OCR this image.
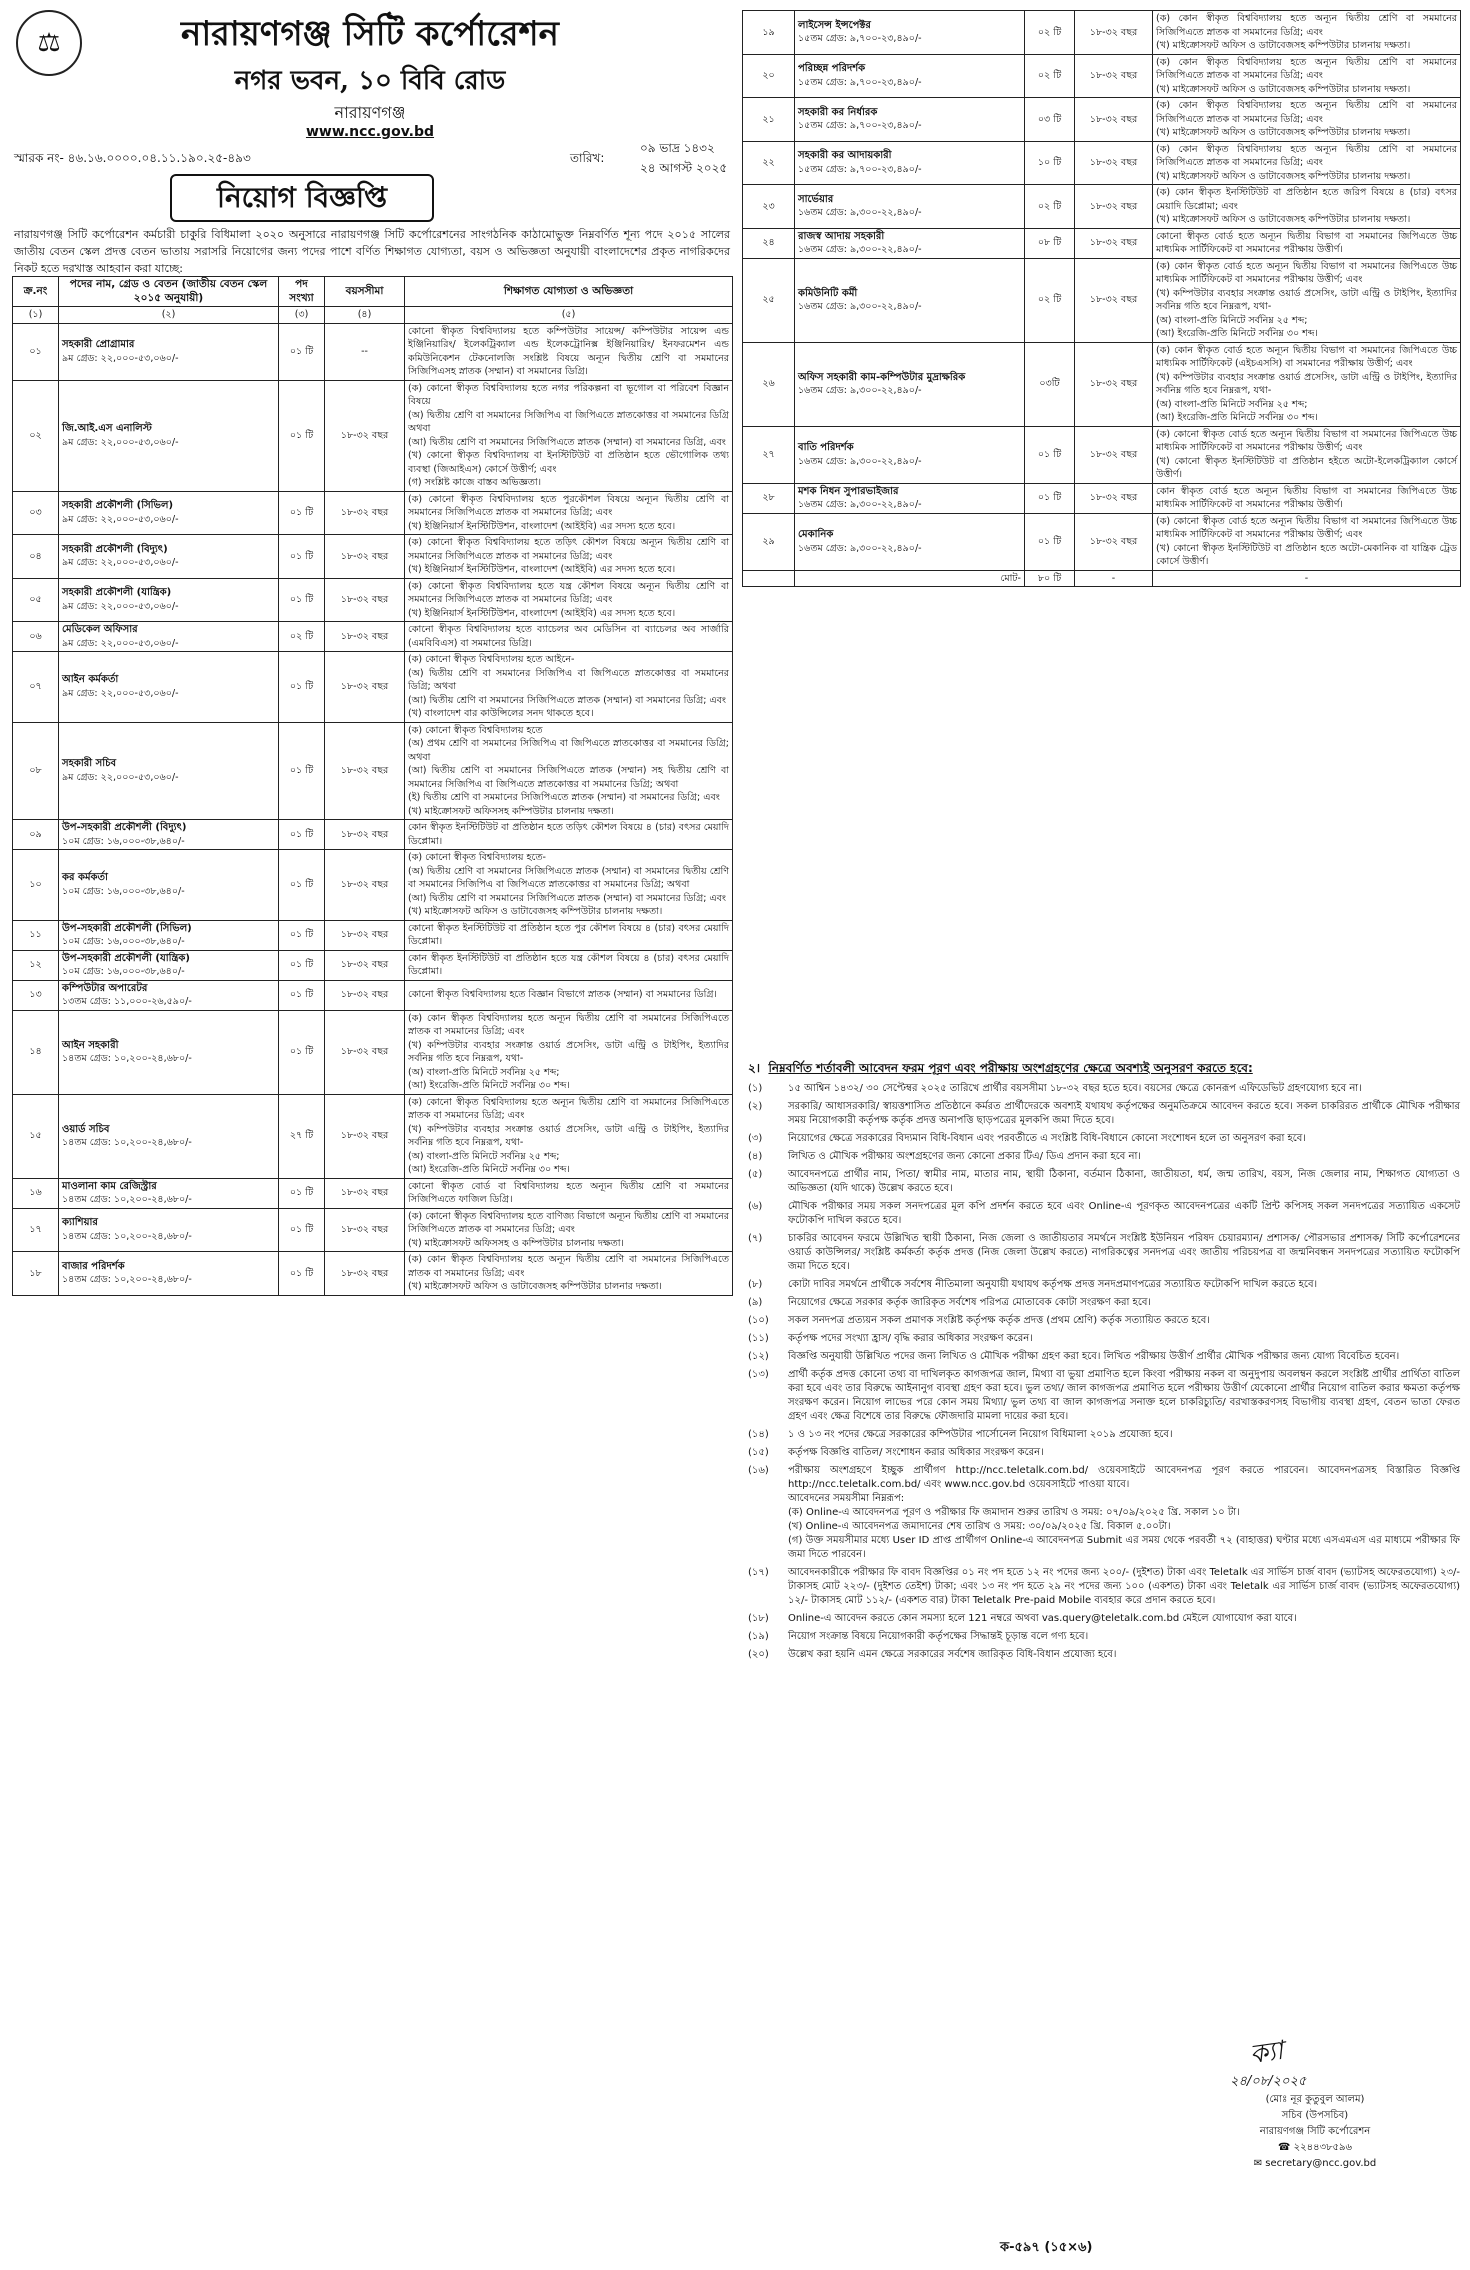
⚖	নারায়ণগঞ্জ সিটি কর্পোরেশন
নগর ভবন, ১০ বিবি রোড
নারায়ণগঞ্জ
www.ncc.gov.bd
স্মারক নং- ৪৬.১৬.০০০০.০৪.১১.১৯০.২৫-৪৯৩	তারিখ:
০৯ ভাদ্র ১৪৩২
২৪ আগস্ট ২০২৫
নিয়োগ বিজ্ঞপ্তি
নারায়ণগঞ্জ সিটি কর্পোরেশন কর্মচারী চাকুরি বিধিমালা ২০২০ অনুসারে নারায়ণগঞ্জ সিটি কর্পোরেশনের সাংগঠনিক কাঠামোভুক্ত নিম্নবর্ণিত শূন্য পদে ২০১৫ সালের জাতীয় বেতন স্কেল প্রদত্ত বেতন ভাতায় সরাসরি নিয়োগের জন্য পদের পাশে বর্ণিত শিক্ষাগত যোগ্যতা, বয়স ও অভিজ্ঞতা অনুযায়ী বাংলাদেশের প্রকৃত নাগরিকদের নিকট হতে দরখাস্ত আহবান করা যাচ্ছে:
ক্র.নং	পদের নাম, গ্রেড ও বেতন (জাতীয় বেতন স্কেল ২০১৫ অনুযায়ী)	পদ সংখ্যা	বয়সসীমা	শিক্ষাগত যোগ্যতা ও অভিজ্ঞতা
(১)	(২)	(৩)	(৪)	(৫)
০১	সহকারী প্রোগ্রামার
৯ম গ্রেড: ২২,০০০-৫৩,০৬০/-	০১ টি	--	কোনো স্বীকৃত বিশ্ববিদ্যালয় হতে কম্পিউটার সায়েন্স/ কম্পিউটার সায়েন্স এন্ড ইঞ্জিনিয়ারিং/ ইলেকট্রিক্যাল এন্ড ইলেকট্রোনিক্স ইঞ্জিনিয়ারিং/ ইনফরমেশন এন্ড কমিউনিকেশন টেকনোলজি সংশ্লিষ্ট বিষয়ে অন্যূন দ্বিতীয় শ্রেণি বা সমমানের সিজিপিএসহ স্নাতক (সম্মান) বা সমমানের ডিগ্রি।
০২	জি.আই.এস এনালিস্ট
৯ম গ্রেড: ২২,০০০-৫৩,০৬০/-	০১ টি	১৮-৩২ বছর	(ক) কোনো স্বীকৃত বিশ্ববিদ্যালয় হতে নগর পরিকল্পনা বা ভূগোল বা পরিবেশ বিজ্ঞান বিষয়ে
(অ) দ্বিতীয় শ্রেণি বা সমমানের সিজিপিএ বা জিপিএতে স্নাতকোত্তর বা সমমানের ডিগ্রি অথবা
(আ) দ্বিতীয় শ্রেণি বা সমমানের সিজিপিএতে স্নাতক (সম্মান) বা সমমানের ডিগ্রি, এবং
(খ) কোনো স্বীকৃত বিশ্ববিদ্যালয় বা ইনস্টিটিউট বা প্রতিষ্ঠান হতে ভৌগোলিক তথ্য ব্যবস্থা (জিআইএস) কোর্সে উত্তীর্ণ; এবং
(গ) সংশ্লিষ্ট কাজে বাস্তব অভিজ্ঞতা।
০৩	সহকারী প্রকৌশলী (সিভিল)
৯ম গ্রেড: ২২,০০০-৫৩,০৬০/-	০১ টি	১৮-৩২ বছর	(ক) কোনো স্বীকৃত বিশ্ববিদ্যালয় হতে পুরকৌশল বিষয়ে অন্যূন দ্বিতীয় শ্রেণি বা সমমানের সিজিপিএতে স্নাতক বা সমমানের ডিগ্রি; এবং
(খ) ইঞ্জিনিয়ার্স ইনস্টিটিউশন, বাংলাদেশ (আইইবি) এর সদস্য হতে হবে।
০৪	সহকারী প্রকৌশলী (বিদ্যুৎ)
৯ম গ্রেড: ২২,০০০-৫৩,০৬০/-	০১ টি	১৮-৩২ বছর	(ক) কোনো স্বীকৃত বিশ্ববিদ্যালয় হতে তড়িৎ কৌশল বিষয়ে অন্যূন দ্বিতীয় শ্রেণি বা সমমানের সিজিপিএতে স্নাতক বা সমমানের ডিগ্রি; এবং
(খ) ইঞ্জিনিয়ার্স ইনস্টিটিউশন, বাংলাদেশ (আইইবি) এর সদস্য হতে হবে।
০৫	সহকারী প্রকৌশলী (যান্ত্রিক)
৯ম গ্রেড: ২২,০০০-৫৩,০৬০/-	০১ টি	১৮-৩২ বছর	(ক) কোনো স্বীকৃত বিশ্ববিদ্যালয় হতে যন্ত্র কৌশল বিষয়ে অন্যূন দ্বিতীয় শ্রেণি বা সমমানের সিজিপিএতে স্নাতক বা সমমানের ডিগ্রি; এবং
(খ) ইঞ্জিনিয়ার্স ইনস্টিটিউশন, বাংলাদেশ (আইইবি) এর সদস্য হতে হবে।
০৬	মেডিকেল অফিসার
৯ম গ্রেড: ২২,০০০-৫৩,০৬০/-	০২ টি	১৮-৩২ বছর	কোনো স্বীকৃত বিশ্ববিদ্যালয় হতে ব্যাচেলর অব মেডিসিন বা ব্যাচেলর অব সার্জারি (এমবিবিএস) বা সমমানের ডিগ্রি।
০৭	আইন কর্মকর্তা
৯ম গ্রেড: ২২,০০০-৫৩,০৬০/-	০১ টি	১৮-৩২ বছর	(ক) কোনো স্বীকৃত বিশ্ববিদ্যালয় হতে আইনে-
(অ) দ্বিতীয় শ্রেণি বা সমমানের সিজিপিএ বা জিপিএতে স্নাতকোত্তর বা সমমানের ডিগ্রি; অথবা
(আ) দ্বিতীয় শ্রেণি বা সমমানের সিজিপিএতে স্নাতক (সম্মান) বা সমমানের ডিগ্রি; এবং
(খ) বাংলাদেশ বার কাউন্সিলের সনদ থাকতে হবে।
০৮	সহকারী সচিব
৯ম গ্রেড: ২২,০০০-৫৩,০৬০/-	০১ টি	১৮-৩২ বছর	(ক) কোনো স্বীকৃত বিশ্ববিদ্যালয় হতে
(অ) প্রথম শ্রেণি বা সমমানের সিজিপিএ বা জিপিএতে স্নাতকোত্তর বা সমমানের ডিগ্রি; অথবা
(আ) দ্বিতীয় শ্রেণি বা সমমানের সিজিপিএতে স্নাতক (সম্মান) সহ দ্বিতীয় শ্রেণি বা সমমানের সিজিপিএ বা জিপিএতে স্নাতকোত্তর বা সমমানের ডিগ্রি; অথবা
(ই) দ্বিতীয় শ্রেণি বা সমমানের সিজিপিএতে স্নাতক (সম্মান) বা সমমানের ডিগ্রি; এবং
(খ) মাইক্রোসফট অফিসসহ কম্পিউটার চালনায় দক্ষতা।
০৯	উপ-সহকারী প্রকৌশলী (বিদ্যুৎ)
১০ম গ্রেড: ১৬,০০০-৩৮,৬৪০/-	০১ টি	১৮-৩২ বছর	কোন স্বীকৃত ইনস্টিটিউট বা প্রতিষ্ঠান হতে তড়িৎ কৌশল বিষয়ে ৪ (চার) বৎসর মেয়াদি ডিপ্লোমা।
১০	কর কর্মকর্তা
১০ম গ্রেড: ১৬,০০০-৩৮,৬৪০/-	০১ টি	১৮-৩২ বছর	(ক) কোনো স্বীকৃত বিশ্ববিদ্যালয় হতে-
(অ) দ্বিতীয় শ্রেণি বা সমমানের সিজিপিএতে স্নাতক (সম্মান) বা সমমানের দ্বিতীয় শ্রেণি বা সমমানের সিজিপিএ বা জিপিএতে স্নাতকোত্তর বা সমমানের ডিগ্রি; অথবা
(আ) দ্বিতীয় শ্রেণি বা সমমানের সিজিপিএতে স্নাতক (সম্মান) বা সমমানের ডিগ্রি; এবং
(খ) মাইক্রোসফট অফিস ও ডাটাবেজসহ কম্পিউটার চালনায় দক্ষতা।
১১	উপ-সহকারী প্রকৌশলী (সিভিল)
১০ম গ্রেড: ১৬,০০০-৩৮,৬৪০/-	০১ টি	১৮-৩২ বছর	কোনো স্বীকৃত ইনস্টিটিউট বা প্রতিষ্ঠান হতে পুর কৌশল বিষয়ে ৪ (চার) বৎসর মেয়াদি ডিপ্লোমা।
১২	উপ-সহকারী প্রকৌশলী (যান্ত্রিক)
১০ম গ্রেড: ১৬,০০০-৩৮,৬৪০/-	০১ টি	১৮-৩২ বছর	কোন স্বীকৃত ইনস্টিটিউট বা প্রতিষ্ঠান হতে যন্ত্র কৌশল বিষয়ে ৪ (চার) বৎসর মেয়াদি ডিপ্লোমা।
১৩	কম্পিউটার অপারেটর
১৩তম গ্রেড: ১১,০০০-২৬,৫৯০/-	০১ টি	১৮-৩২ বছর	কোনো স্বীকৃত বিশ্ববিদ্যালয় হতে বিজ্ঞান বিভাগে স্নাতক (সম্মান) বা সমমানের ডিগ্রি।
১৪	আইন সহকারী
১৪তম গ্রেড: ১০,২০০-২৪,৬৮০/-	০১ টি	১৮-৩২ বছর	(ক) কোন স্বীকৃত বিশ্ববিদ্যালয় হতে অন্যূন দ্বিতীয় শ্রেণি বা সমমানের সিজিপিএতে স্নাতক বা সমমানের ডিগ্রি; এবং
(খ) কম্পিউটার ব্যবহার সংক্রান্ত ওয়ার্ড প্রসেসিং, ডাটা এন্ট্রি ও টাইপিং, ইত্যাদির সর্বনিম্ন গতি হবে নিম্নরূপ, যথা-
(অ) বাংলা-প্রতি মিনিটে সর্বনিম্ন ২৫ শব্দ;
(আ) ইংরেজি-প্রতি মিনিটে সর্বনিম্ন ৩০ শব্দ।
১৫	ওয়ার্ড সচিব
১৪তম গ্রেড: ১০,২০০-২৪,৬৮০/-	২৭ টি	১৮-৩২ বছর	(ক) কোনো স্বীকৃত বিশ্ববিদ্যালয় হতে অন্যূন দ্বিতীয় শ্রেণি বা সমমানের সিজিপিএতে স্নাতক বা সমমানের ডিগ্রি; এবং
(খ) কম্পিউটার ব্যবহার সংক্রান্ত ওয়ার্ড প্রসেসিং, ডাটা এন্ট্রি ও টাইপিং, ইত্যাদির সর্বনিম্ন গতি হবে নিম্নরূপ, যথা-
(অ) বাংলা-প্রতি মিনিটে সর্বনিম্ন ২৫ শব্দ;
(আ) ইংরেজি-প্রতি মিনিটে সর্বনিম্ন ৩০ শব্দ।
১৬	মাওলানা কাম রেজিস্ট্রার
১৪তম গ্রেড: ১০,২০০-২৪,৬৮০/-	০১ টি	১৮-৩২ বছর	কোনো স্বীকৃত বোর্ড বা বিশ্ববিদ্যালয় হতে অন্যূন দ্বিতীয় শ্রেণি বা সমমানের সিজিপিএতে ফাজিল ডিগ্রি।
১৭	ক্যাশিয়ার
১৪তম গ্রেড: ১০,২০০-২৪,৬৮০/-	০১ টি	১৮-৩২ বছর	(ক) কোনো স্বীকৃত বিশ্ববিদ্যালয় হতে বাণিজ্য বিভাগে অন্যূন দ্বিতীয় শ্রেণি বা সমমানের সিজিপিএতে স্নাতক বা সমমানের ডিগ্রি; এবং
(খ) মাইক্রোসফট অফিসসহ ও কম্পিউটার চালনায় দক্ষতা।
১৮	বাজার পরিদর্শক
১৪তম গ্রেড: ১০,২০০-২৪,৬৮০/-	০১ টি	১৮-৩২ বছর	(ক) কোন স্বীকৃত বিশ্ববিদ্যালয় হতে অন্যূন দ্বিতীয় শ্রেণি বা সমমানের সিজিপিএতে স্নাতক বা সমমানের ডিগ্রি; এবং
(খ) মাইক্রোসফট অফিস ও ডাটাবেজসহ কম্পিউটার চালনার দক্ষতা।
১৯	লাইসেন্স ইন্সপেক্টর
১৫তম গ্রেড: ৯,৭০০-২৩,৪৯০/-	০২ টি	১৮-৩২ বছর	(ক) কোন স্বীকৃত বিশ্ববিদ্যালয় হতে অন্যূন দ্বিতীয় শ্রেণি বা সমমানের সিজিপিএতে স্নাতক বা সমমানের ডিগ্রি; এবং
(খ) মাইক্রোসফট অফিস ও ডাটাবেজসহ কম্পিউটার চালনায় দক্ষতা।
২০	পরিচ্ছন্ন পরিদর্শক
১৫তম গ্রেড: ৯,৭০০-২৩,৪৯০/-	০২ টি	১৮-৩২ বছর	(ক) কোন স্বীকৃত বিশ্ববিদ্যালয় হতে অন্যূন দ্বিতীয় শ্রেণি বা সমমানের সিজিপিএতে স্নাতক বা সমমানের ডিগ্রি; এবং
(খ) মাইক্রোসফট অফিস ও ডাটাবেজসহ কম্পিউটার চালনায় দক্ষতা।
২১	সহকারী কর নির্ধারক
১৫তম গ্রেড: ৯,৭০০-২৩,৪৯০/-	০৩ টি	১৮-৩২ বছর	(ক) কোন স্বীকৃত বিশ্ববিদ্যালয় হতে অন্যূন দ্বিতীয় শ্রেণি বা সমমানের সিজিপিএতে স্নাতক বা সমমানের ডিগ্রি; এবং
(খ) মাইক্রোসফট অফিস ও ডাটাবেজসহ কম্পিউটার চালনায় দক্ষতা।
২২	সহকারী কর আদায়কারী
১৫তম গ্রেড: ৯,৭০০-২৩,৪৯০/-	১০ টি	১৮-৩২ বছর	(ক) কোন স্বীকৃত বিশ্ববিদ্যালয় হতে অন্যূন দ্বিতীয় শ্রেণি বা সমমানের সিজিপিএতে স্নাতক বা সমমানের ডিগ্রি; এবং
(খ) মাইক্রোসফট অফিস ও ডাটাবেজসহ কম্পিউটার চালনায় দক্ষতা।
২৩	সার্ভেয়ার
১৬তম গ্রেড: ৯,৩০০-২২,৪৯০/-	০২ টি	১৮-৩২ বছর	(ক) কোন স্বীকৃত ইনস্টিটিউট বা প্রতিষ্ঠান হতে জরিপ বিষয়ে ৪ (চার) বৎসর মেয়াদি ডিপ্লোমা; এবং
(খ) মাইক্রোসফট অফিস ও ডাটাবেজসহ কম্পিউটার চালনায় দক্ষতা।
২৪	রাজস্ব আদায় সহকারী
১৬তম গ্রেড: ৯,৩০০-২২,৪৯০/-	০৮ টি	১৮-৩২ বছর	কোনো স্বীকৃত বোর্ড হতে অন্যূন দ্বিতীয় বিভাগ বা সমমানের জিপিএতে উচ্চ মাধ্যমিক সার্টিফিকেট বা সমমানের পরীক্ষায় উত্তীর্ণ।
২৫	কমিউনিটি কর্মী
১৬তম গ্রেড: ৯,৩০০-২২,৪৯০/-	০২ টি	১৮-৩২ বছর	(ক) কোন স্বীকৃত বোর্ড হতে অন্যূন দ্বিতীয় বিভাগ বা সমমানের জিপিএতে উচ্চ মাধ্যমিক সার্টিফিকেট বা সমমানের পরীক্ষায় উত্তীর্ণ; এবং
(খ) কম্পিউটার ব্যবহার সংক্রান্ত ওয়ার্ড প্রসেসিং, ডাটা এন্ট্রি ও টাইপিং, ইত্যাদির সর্বনিম্ন গতি হবে নিম্নরূপ, যথা-
(অ) বাংলা-প্রতি মিনিটে সর্বনিম্ন ২৫ শব্দ;
(আ) ইংরেজি-প্রতি মিনিটে সর্বনিম্ন ৩০ শব্দ।
২৬	অফিস সহকারী কাম-কম্পিউটার মুদ্রাক্ষরিক
১৬তম গ্রেড: ৯,৩০০-২২,৪৯০/-	০৩টি	১৮-৩২ বছর	(ক) কোন স্বীকৃত বোর্ড হতে অন্যূন দ্বিতীয় বিভাগ বা সমমানের জিপিএতে উচ্চ মাধ্যমিক সার্টিফিকেট (এইচএসসি) বা সমমানের পরীক্ষায় উত্তীর্ণ; এবং
(খ) কম্পিউটার ব্যবহার সংক্রান্ত ওয়ার্ড প্রসেসিং, ডাটা এন্ট্রি ও টাইপিং, ইত্যাদির সর্বনিম্ন গতি হবে নিম্নরূপ, যথা-
(অ) বাংলা-প্রতি মিনিটে সর্বনিম্ন ২৫ শব্দ;
(আ) ইংরেজি-প্রতি মিনিটে সর্বনিম্ন ৩০ শব্দ।
২৭	বাতি পরিদর্শক
১৬তম গ্রেড: ৯,৩০০-২২,৪৯০/-	০১ টি	১৮-৩২ বছর	(ক) কোনো স্বীকৃত বোর্ড হতে অন্যূন দ্বিতীয় বিভাগ বা সমমানের জিপিএতে উচ্চ মাধ্যমিক সার্টিফিকেট বা সমমানের পরীক্ষায় উত্তীর্ণ; এবং
(খ) কোনো স্বীকৃত ইনস্টিটিউট বা প্রতিষ্ঠান হইতে অটো-ইলেকট্রিক্যাল কোর্সে উত্তীর্ণ।
২৮	মশক নিধন সুপারভাইজার
১৬তম গ্রেড: ৯,৩০০-২২,৪৯০/-	০১ টি	১৮-৩২ বছর	কোন স্বীকৃত বোর্ড হতে অন্যূন দ্বিতীয় বিভাগ বা সমমানের জিপিএতে উচ্চ মাধ্যমিক সার্টিফিকেট বা সমমানের পরীক্ষায় উত্তীর্ণ।
২৯	মেকানিক
১৬তম গ্রেড: ৯,৩০০-২২,৪৯০/-	০১ টি	১৮-৩২ বছর	(ক) কোনো স্বীকৃত বোর্ড হতে অন্যূন দ্বিতীয় বিভাগ বা সমমানের জিপিএতে উচ্চ মাধ্যমিক সার্টিফিকেট বা সমমানের পরীক্ষায় উত্তীর্ণ; এবং
(খ) কোনো স্বীকৃত ইনস্টিটিউট বা প্রতিষ্ঠান হতে অটো-মেকানিক বা যান্ত্রিক ট্রেড কোর্সে উত্তীর্ণ।
	মোট-	৮০ টি	-	-
২। নিম্নবর্ণিত শর্তাবলী আবেদন ফরম পূরণ এবং পরীক্ষায় অংশগ্রহণের ক্ষেত্রে অবশ্যই অনুসরণ করতে হবে:
(১)	১৫ আশ্বিন ১৪৩২/ ৩০ সেপ্টেম্বর ২০২৫ তারিখে প্রার্থীর বয়সসীমা ১৮-৩২ বছর হতে হবে। বয়সের ক্ষেত্রে কোনরূপ এফিডেভিট গ্রহণযোগ্য হবে না।
(২)	সরকারি/ আধাসরকারি/ স্বায়ত্তশাসিত প্রতিষ্ঠানে কর্মরত প্রার্থীদেরকে অবশ্যই যথাযথ কর্তৃপক্ষের অনুমতিক্রমে আবেদন করতে হবে। সকল চাকরিরত প্রার্থীকে মৌখিক পরীক্ষার সময় নিয়োগকারী কর্তৃপক্ষ কর্তৃক প্রদত্ত অনাপত্তি ছাড়পত্রের মূলকপি জমা দিতে হবে।
(৩)	নিয়োগের ক্ষেত্রে সরকারের বিদ্যমান বিধি-বিধান এবং পরবর্তীতে এ সংশ্লিষ্ট বিধি-বিধানে কোনো সংশোধন হলে তা অনুসরণ করা হবে।
(৪)	লিখিত ও মৌখিক পরীক্ষায় অংশগ্রহণের জন্য কোনো প্রকার টিএ/ ডিএ প্রদান করা হবে না।
(৫)	আবেদনপত্রে প্রার্থীর নাম, পিতা/ স্বামীর নাম, মাতার নাম, স্থায়ী ঠিকানা, বর্তমান ঠিকানা, জাতীয়তা, ধর্ম, জন্ম তারিখ, বয়স, নিজ জেলার নাম, শিক্ষাগত যোগ্যতা ও অভিজ্ঞতা (যদি থাকে) উল্লেখ করতে হবে।
(৬)	মৌখিক পরীক্ষার সময় সকল সনদপত্রের মূল কপি প্রদর্শন করতে হবে এবং Online-এ পূরণকৃত আবেদনপত্রের একটি প্রিন্ট কপিসহ সকল সনদপত্রের সত্যায়িত একসেট ফটোকপি দাখিল করতে হবে।
(৭)	চাকরির আবেদন ফরমে উল্লিখিত স্থায়ী ঠিকানা, নিজ জেলা ও জাতীয়তার সমর্থনে সংশ্লিষ্ট ইউনিয়ন পরিষদ চেয়ারম্যান/ প্রশাসক/ পৌরসভার প্রশাসক/ সিটি কর্পোরেশনের ওয়ার্ড কাউন্সিলর/ সংশ্লিষ্ট কর্মকর্তা কর্তৃক প্রদত্ত (নিজ জেলা উল্লেখ করতে) নাগরিকত্বের সনদপত্র এবং জাতীয় পরিচয়পত্র বা জন্মনিবন্ধন সনদপত্রের সত্যায়িত ফটোকপি জমা দিতে হবে।
(৮)	কোটা দাবির সমর্থনে প্রার্থীকে সর্বশেষ নীতিমালা অনুযায়ী যথাযথ কর্তৃপক্ষ প্রদত্ত সনদপ্রমাণপত্রের সত্যায়িত ফটোকপি দাখিল করতে হবে।
(৯)	নিয়োগের ক্ষেত্রে সরকার কর্তৃক জারিকৃত সর্বশেষ পরিপত্র মোতাবেক কোটা সংরক্ষণ করা হবে।
(১০)	সকল সনদপত্র প্রত্যয়ন সকল প্রমাণক সংশ্লিষ্ট কর্তৃপক্ষ কর্তৃক প্রদত্ত (প্রথম শ্রেণি) কর্তৃক সত্যায়িত করতে হবে।
(১১)	কর্তৃপক্ষ পদের সংখ্যা হ্রাস/ বৃদ্ধি করার অধিকার সংরক্ষণ করেন।
(১২)	বিজ্ঞপ্তি অনুযায়ী উল্লিখিত পদের জন্য লিখিত ও মৌখিক পরীক্ষা গ্রহণ করা হবে। লিখিত পরীক্ষায় উত্তীর্ণ প্রার্থীর মৌখিক পরীক্ষার জন্য যোগ্য বিবেচিত হবেন।
(১৩)	প্রার্থী কর্তৃক প্রদত্ত কোনো তথ্য বা দাখিলকৃত কাগজপত্র জাল, মিথ্যা বা ভুয়া প্রমাণিত হলে কিংবা পরীক্ষায় নকল বা অনুদুপায় অবলম্বন করলে সংশ্লিষ্ট প্রার্থীর প্রার্থিতা বাতিল করা হবে এবং তার বিরুদ্ধে আইনানুগ ব্যবস্থা গ্রহণ করা হবে। ভুল তথ্য/ জাল কাগজপত্র প্রমাণিত হলে পরীক্ষায় উত্তীর্ণ যেকোনো প্রার্থীর নিয়োগ বাতিল করার ক্ষমতা কর্তৃপক্ষ সংরক্ষণ করেন। নিয়োগ লাভের পরে কোন সময় মিথ্যা/ ভুল তথ্য বা জাল কাগজপত্র সনাক্ত হলে চাকরিচ্যুতি/ বরখাস্তকরণসহ বিভাগীয় ব্যবস্থা গ্রহণ, বেতন ভাতা ফেরত গ্রহণ এবং ক্ষেত্র বিশেষে তার বিরুদ্ধে ফৌজদারি মামলা দায়ের করা হবে।
(১৪)	১ ও ১৩ নং পদের ক্ষেত্রে সরকারের কম্পিউটার পার্সোনেল নিয়োগ বিধিমালা ২০১৯ প্রযোজ্য হবে।
(১৫)	কর্তৃপক্ষ বিজ্ঞপ্তি বাতিল/ সংশোধন করার অধিকার সংরক্ষণ করেন।
(১৬)	পরীক্ষায় অংশগ্রহণে ইচ্ছুক প্রার্থীগণ http://ncc.teletalk.com.bd/ ওয়েবসাইটে আবেদনপত্র পূরণ করতে পারবেন। আবেদনপত্রসহ বিস্তারিত বিজ্ঞপ্তি http://ncc.teletalk.com.bd/ এবং www.ncc.gov.bd ওয়েবসাইটে পাওয়া যাবে।
আবেদনের সময়সীমা নিম্নরূপ:
(ক) Online-এ আবেদনপত্র পূরণ ও পরীক্ষার ফি জমাদান শুরুর তারিখ ও সময়: ০৭/০৯/২০২৫ খ্রি. সকাল ১০ টা।
(খ) Online-এ আবেদনপত্র জমাদানের শেষ তারিখ ও সময়: ৩০/০৯/২০২৫ খ্রি. বিকাল ৫.০০টা।
(গ) উক্ত সময়সীমার মধ্যে User ID প্রাপ্ত প্রার্থীগণ Online-এ আবেদনপত্র Submit এর সময় থেকে পরবর্তী ৭২ (বাহাত্তর) ঘণ্টার মধ্যে এসএমএস এর মাধ্যমে পরীক্ষার ফি জমা দিতে পারবেন।
(১৭)	আবেদনকারীকে পরীক্ষার ফি বাবদ বিজ্ঞপ্তির ০১ নং পদ হতে ১২ নং পদের জন্য ২০০/- (দুইশত) টাকা এবং Teletalk এর সার্ভিস চার্জ বাবদ (ভ্যাটসহ অফেরতযোগ্য) ২৩/- টাকাসহ মোট ২২৩/- (দুইশত তেইশ) টাকা; এবং ১৩ নং পদ হতে ২৯ নং পদের জন্য ১০০ (একশত) টাকা এবং Teletalk এর সার্ভিস চার্জ বাবদ (ভ্যাটসহ অফেরতযোগ্য) ১২/- টাকাসহ মোট ১১২/- (একশত বার) টাকা Teletalk Pre-paid Mobile ব্যবহার করে প্রদান করতে হবে।
(১৮)	Online-এ আবেদন করতে কোন সমস্যা হলে 121 নম্বরে অথবা vas.query@teletalk.com.bd মেইলে যোগাযোগ করা যাবে।
(১৯)	নিয়োগ সংক্রান্ত বিষয়ে নিয়োগকারী কর্তৃপক্ষের সিদ্ধান্তই চূড়ান্ত বলে গণ্য হবে।
(২০)	উল্লেখ করা হয়নি এমন ক্ষেত্রে সরকারের সর্বশেষ জারিকৃত বিধি-বিধান প্রযোজ্য হবে।
ক্যা
২৪/০৮/২০২৫
(মোঃ নূর কুতুবুল আলম)
সচিব (উপসচিব)
নারায়ণগঞ্জ সিটি কর্পোরেশন
☎ ২২৪৪৩৮৫৯৬
✉ secretary@ncc.gov.bd
ক-৫৯৭ (১৫×৬)
